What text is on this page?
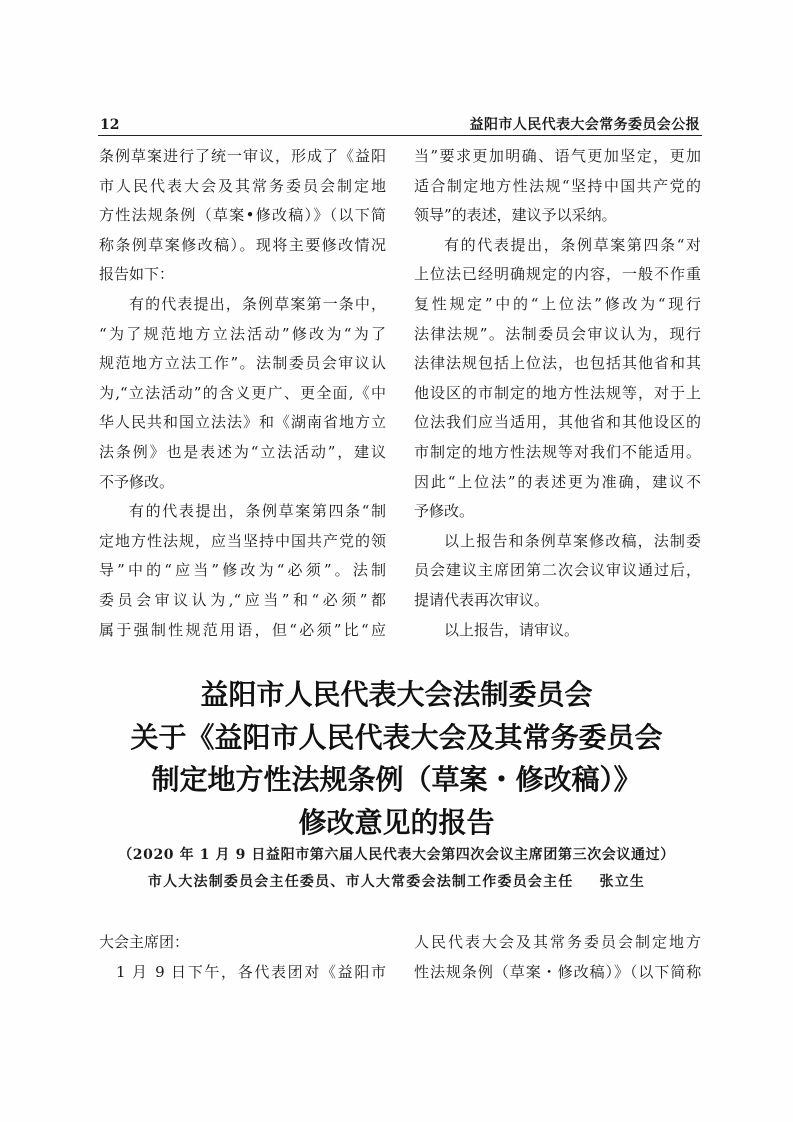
12	益阳市人民代表大会常务委员会公报
条例草案进行了统一审议，形成了《益阳
市人民代表大会及其常务委员会制定地
方性法规条例（草案•修改稿）》（以下简
称条例草案修改稿）。现将主要修改情况
报告如下：
有的代表提出，条例草案第一条中，
“为了规范地方立法活动”修改为“为了
规范地方立法工作”。法制委员会审议认
为,“立法活动”的含义更广、更全面,《中
华人民共和国立法法》和《湖南省地方立
法条例》也是表述为“立法活动”，建议
不予修改。
有的代表提出，条例草案第四条“制
定地方性法规，应当坚持中国共产党的领
导”中的“应当”修改为“必须”。法制
委员会审议认为,“应当”和“必须”都
属于强制性规范用语，但“必须”比“应
当”要求更加明确、语气更加坚定，更加
适合制定地方性法规“坚持中国共产党的
领导”的表述，建议予以采纳。
有的代表提出，条例草案第四条“对
上位法已经明确规定的内容，一般不作重
复性规定”中的“上位法”修改为“现行
法律法规”。法制委员会审议认为，现行
法律法规包括上位法，也包括其他省和其
他设区的市制定的地方性法规等，对于上
位法我们应当适用，其他省和其他设区的
市制定的地方性法规等对我们不能适用。
因此“上位法”的表述更为准确，建议不
予修改。
以上报告和条例草案修改稿，法制委
员会建议主席团第二次会议审议通过后，
提请代表再次审议。
以上报告，请审议。
益阳市人民代表大会法制委员会
关于《益阳市人民代表大会及其常务委员会
制定地方性法规条例（草案・修改稿）》
修改意见的报告
（2020 年 1 月 9 日益阳市第六届人民代表大会第四次会议主席团第三次会议通过）
市人大法制委员会主任委员、市人大常委会法制工作委员会主任 张立生
大会主席团：
1 月 9 日下午，各代表团对《益阳市
人民代表大会及其常务委员会制定地方
性法规条例（草案・修改稿）》（以下简称
